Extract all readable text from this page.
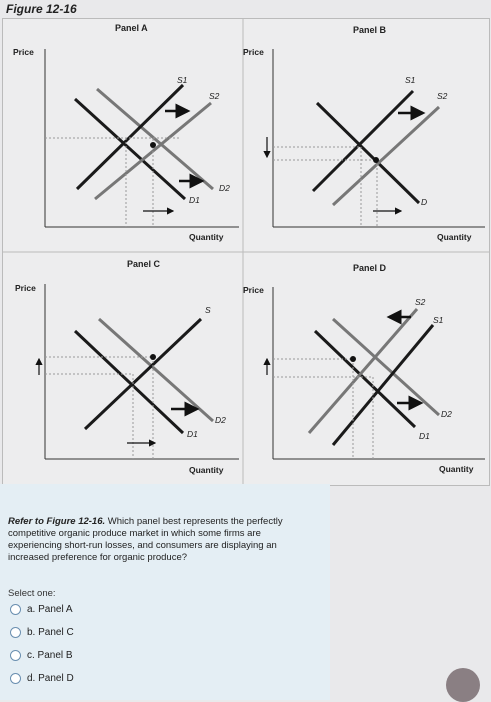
Figure 12-16
Panel A
Price
Quantity
S1
S2
D1
D2
Panel B
Price
Quantity
S1
S2
D
Panel C
Price
Quantity
S
D1
D2
Panel D
Price
Quantity
S2
S1
D2
D1
Refer to Figure 12-16. Which panel best represents the perfectly competitive organic produce market in which some firms are experiencing short-run losses, and consumers are displaying an increased preference for organic produce?
Select one:
a. Panel A
b. Panel C
c. Panel B
d. Panel D
